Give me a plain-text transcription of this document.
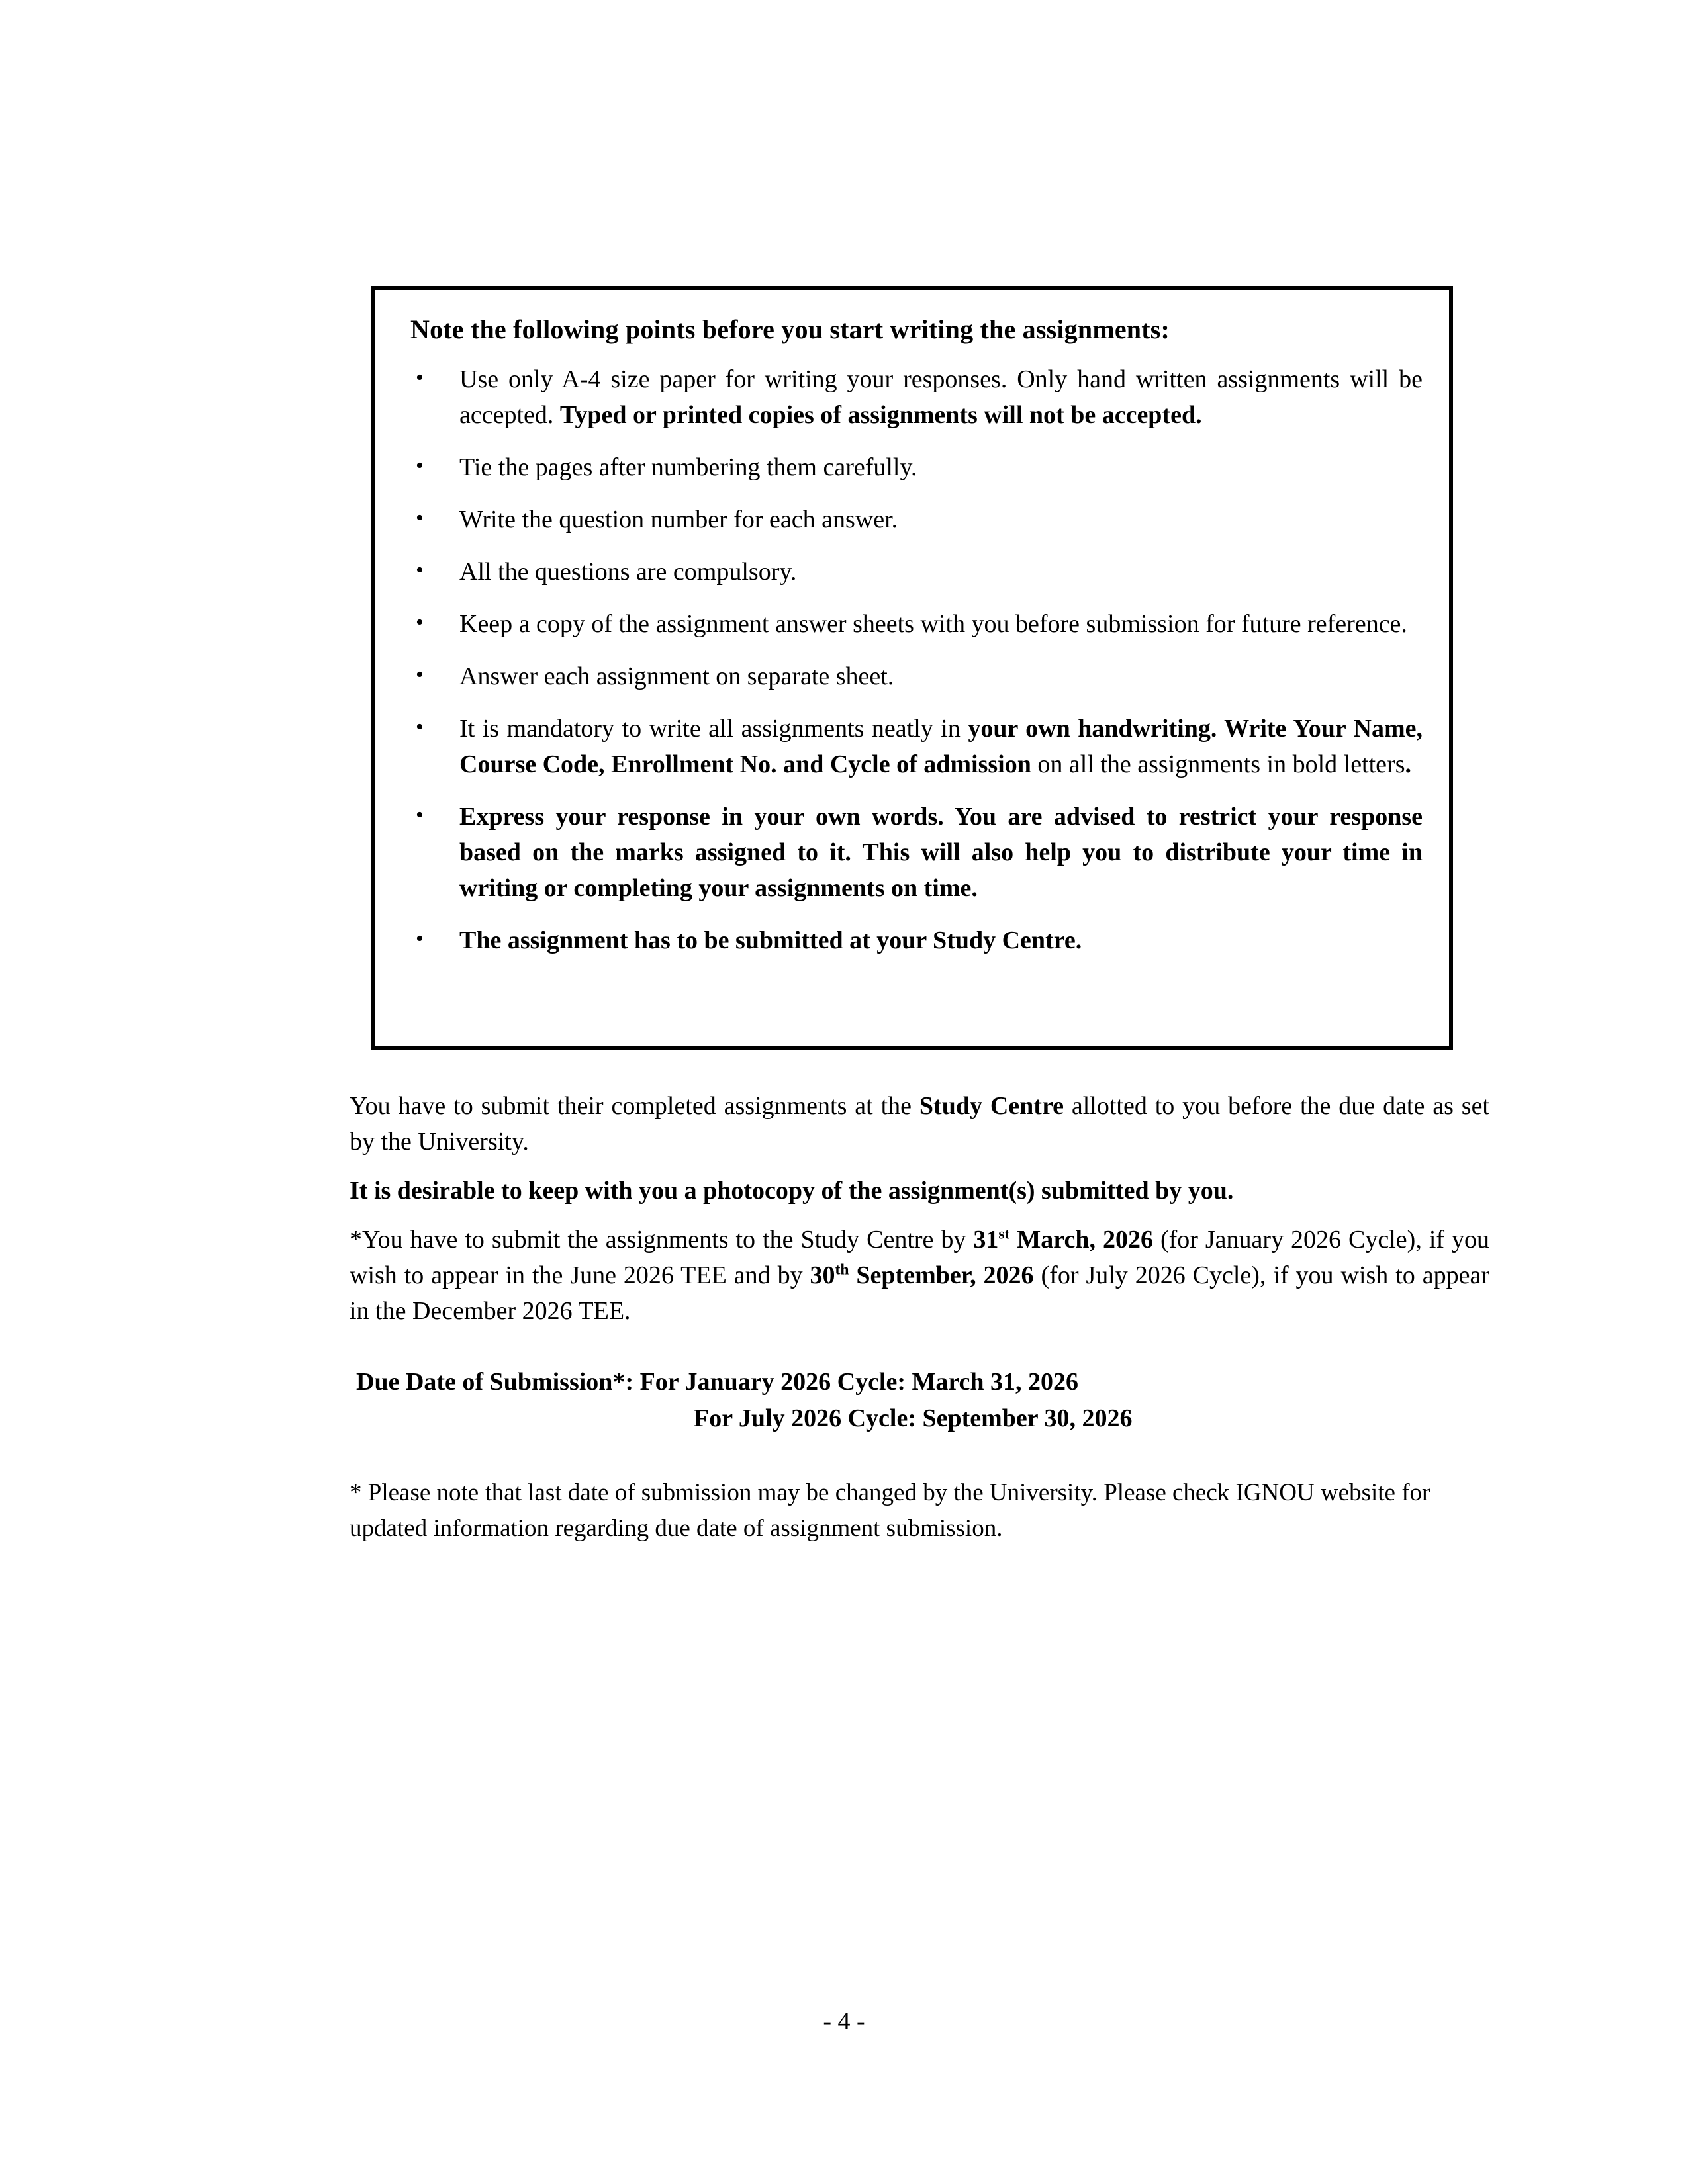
Note the following points before you start writing the assignments:
• Use only A-4 size paper for writing your responses. Only hand written assignments will be accepted. Typed or printed copies of assignments will not be accepted.
• Tie the pages after numbering them carefully.
• Write the question number for each answer.
• All the questions are compulsory.
• Keep a copy of the assignment answer sheets with you before submission for future reference.
• Answer each assignment on separate sheet.
• It is mandatory to write all assignments neatly in your own handwriting. Write Your Name, Course Code, Enrollment No. and Cycle of admission on all the assignments in bold letters.
• Express your response in your own words. You are advised to restrict your response based on the marks assigned to it. This will also help you to distribute your time in writing or completing your assignments on time.
• The assignment has to be submitted at your Study Centre.

You have to submit their completed assignments at the Study Centre allotted to you before the due date as set by the University.

It is desirable to keep with you a photocopy of the assignment(s) submitted by you.

*You have to submit the assignments to the Study Centre by 31st March, 2026 (for January 2026 Cycle), if you wish to appear in the June 2026 TEE and by 30th September, 2026 (for July 2026 Cycle), if you wish to appear in the December 2026 TEE.

Due Date of Submission*: For January 2026 Cycle: March 31, 2026
For July 2026 Cycle: September 30, 2026

* Please note that last date of submission may be changed by the University. Please check IGNOU website for updated information regarding due date of assignment submission.

- 4 -
